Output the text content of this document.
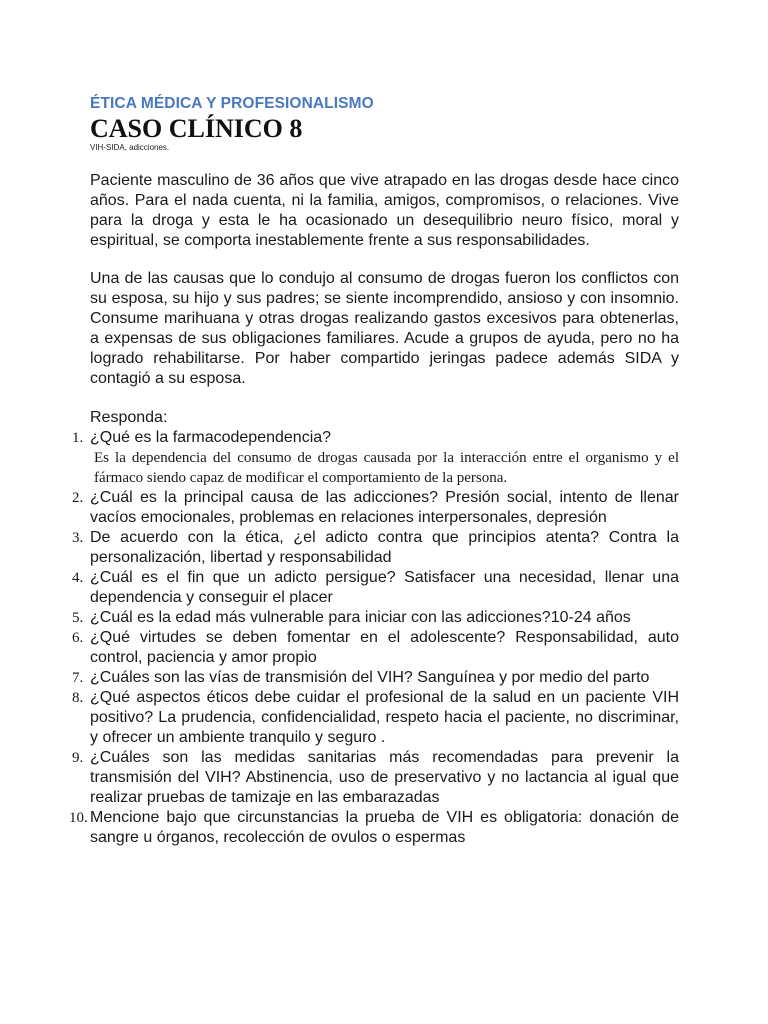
ÉTICA MÉDICA Y PROFESIONALISMO

CASO CLÍNICO 8

VIH-SIDA, adicciones.

Paciente masculino de 36 años que vive atrapado en las drogas desde hace cinco años. Para el nada cuenta, ni la familia, amigos, compromisos, o relaciones. Vive para la droga y esta le ha ocasionado un desequilibrio neuro físico, moral y espiritual, se comporta inestablemente frente a sus responsabilidades.

Una de las causas que lo condujo al consumo de drogas fueron los conflictos con su esposa, su hijo y sus padres; se siente incomprendido, ansioso y con insomnio. Consume marihuana y otras drogas realizando gastos excesivos para obtenerlas, a expensas de sus obligaciones familiares. Acude a grupos de ayuda, pero no ha logrado rehabilitarse. Por haber compartido jeringas padece además SIDA y contagió a su esposa.

Responda:

1. ¿Qué es la farmacodependencia?
Es la dependencia del consumo de drogas causada por la interacción entre el organismo y el fármaco siendo capaz de modificar el comportamiento de la persona.
2. ¿Cuál es la principal causa de las adicciones? Presión social, intento de llenar vacíos emocionales, problemas en relaciones interpersonales, depresión
3. De acuerdo con la ética, ¿el adicto contra que principios atenta? Contra la personalización, libertad y responsabilidad
4. ¿Cuál es el fin que un adicto persigue? Satisfacer una necesidad, llenar una dependencia y conseguir el placer
5. ¿Cuál es la edad más vulnerable para iniciar con las adicciones?10-24 años
6. ¿Qué virtudes se deben fomentar en el adolescente? Responsabilidad, auto control, paciencia y amor propio
7. ¿Cuáles son las vías de transmisión del VIH? Sanguínea y por medio del parto
8. ¿Qué aspectos éticos debe cuidar el profesional de la salud en un paciente VIH positivo? La prudencia, confidencialidad, respeto hacia el paciente, no discriminar, y ofrecer un ambiente tranquilo y seguro .
9. ¿Cuáles son las medidas sanitarias más recomendadas para prevenir la transmisión del VIH? Abstinencia, uso de preservativo y no lactancia al igual que realizar pruebas de tamizaje en las embarazadas
10. Mencione bajo que circunstancias la prueba de VIH es obligatoria: donación de sangre u órganos, recolección de ovulos o espermas
